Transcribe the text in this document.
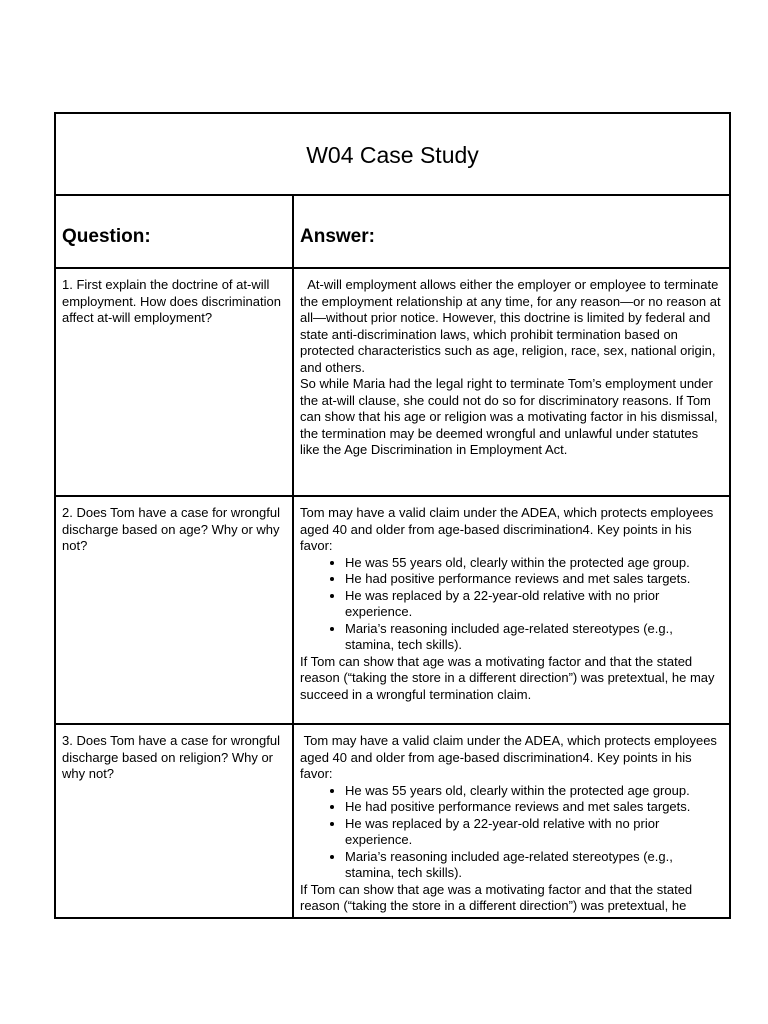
W04 Case Study
Question:	Answer:
1. First explain the doctrine of at-will employment. How does discrimination affect at-will employment?
At-will employment allows either the employer or employee to terminate the employment relationship at any time, for any reason—or no reason at all—without prior notice. However, this doctrine is limited by federal and state anti-discrimination laws, which prohibit termination based on protected characteristics such as age, religion, race, sex, national origin, and others.
So while Maria had the legal right to terminate Tom’s employment under the at-will clause, she could not do so for discriminatory reasons. If Tom can show that his age or religion was a motivating factor in his dismissal, the termination may be deemed wrongful and unlawful under statutes like the Age Discrimination in Employment Act.
2. Does Tom have a case for wrongful discharge based on age? Why or why not?
Tom may have a valid claim under the ADEA, which protects employees aged 40 and older from age-based discrimination4. Key points in his favor:
• He was 55 years old, clearly within the protected age group.
• He had positive performance reviews and met sales targets.
• He was replaced by a 22-year-old relative with no prior experience.
• Maria’s reasoning included age-related stereotypes (e.g., stamina, tech skills).
If Tom can show that age was a motivating factor and that the stated reason (“taking the store in a different direction”) was pretextual, he may succeed in a wrongful termination claim.
3. Does Tom have a case for wrongful discharge based on religion? Why or why not?
Tom may have a valid claim under the ADEA, which protects employees aged 40 and older from age-based discrimination4. Key points in his favor:
• He was 55 years old, clearly within the protected age group.
• He had positive performance reviews and met sales targets.
• He was replaced by a 22-year-old relative with no prior experience.
• Maria’s reasoning included age-related stereotypes (e.g., stamina, tech skills).
If Tom can show that age was a motivating factor and that the stated reason (“taking the store in a different direction”) was pretextual, he
